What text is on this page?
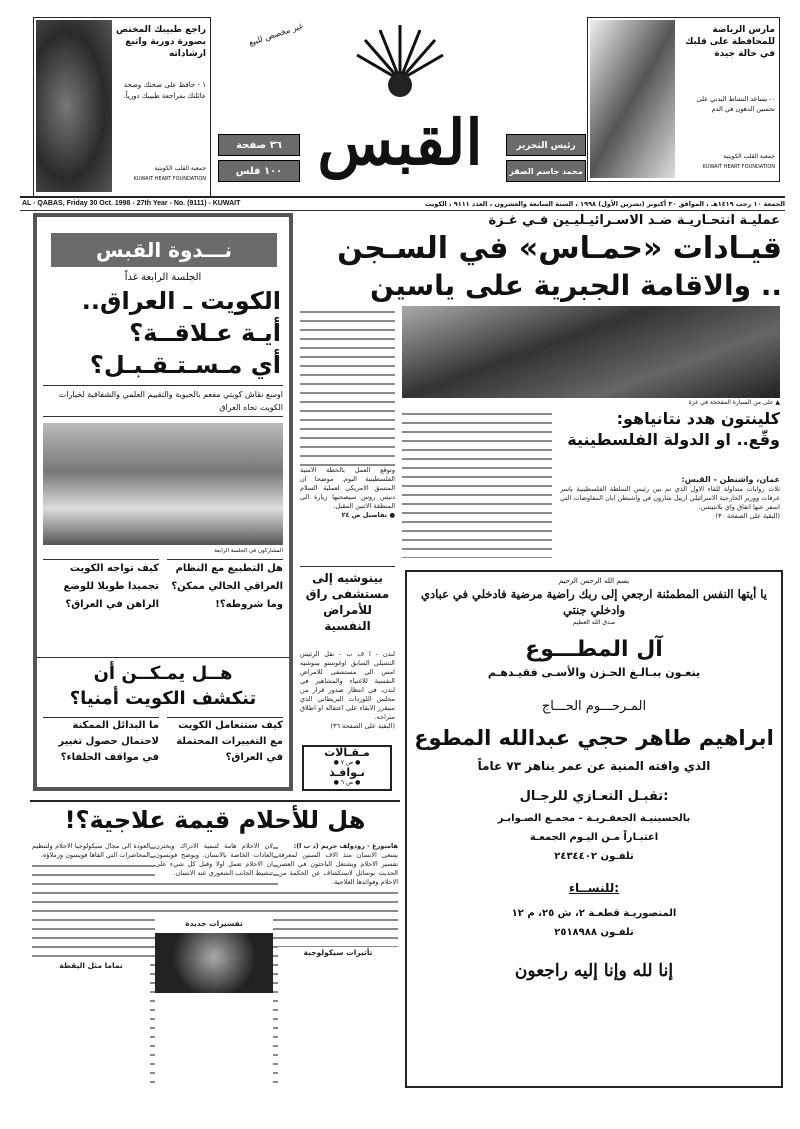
راجع طبيبك المختص بصورة دورية واتبع ارشاداته
١ - حافظ على صحتك وصحة عائلتك بمراجعة طبيبك دورياً.
جمعية القلب الكويتية
KUWAIT HEART FOUNDATION
غير مخصص للبيع
٣٦ صفحة
١٠٠ فلس القبس	رئيس التحرير
محمد جاسم الصقر
مارس الرياضة للمحافظة على قلبك في حالة جيدة
٠- يساعد النشاط البدني على تحسين الدهون في الدم
جمعية القلب الكويتية
KUWAIT HEART FOUNDATION
AL - QABAS, Friday 30 Oct. 1998 - 27th Year - No. (9111) - KUWAIT	الجمعة ١٠ رجب ١٤١٩هـ ، الموافق ٣٠ أكتوبر (تشرين الأول) ١٩٩٨ ، السنة السابعة والعشرون ، العدد ٩١١١ ، الكويت
عمليـة انتحـاريـة ضـد الاسـرائيـليـين فـي غـزة
قيـادات «حمـاس» في السـجن
.. والاقامة الجبرية على ياسين
وتوقع العمل بالخطة الامنية الفلسطينية اليوم. موضحا ان المنسق الامريكي لعملية السلام دنيس روس سيصحبها زيارة الى المنطقة الاثنين المقبل.
● تفاصيل ص ٢٤
▲ على من السيارة المفخخة في غزة
كلينتون هدد نتانياهو:
وقّع.. او الدولة الفلسطينية
عمان، واشنطن - القبس:
ثلاث روايات متداولة للقاء الاول الذي تم بين رئيس السلطة الفلسطينية ياسر عرفات ووزير الخارجية الاسرائيلي ارييل شارون في واشنطن ابان المفاوضات التي اسفر عنها اتفاق واي بلانتيشن.
(البقية على الصفحة ٣٠)
نـــدوة القبس
الجلسة الرابعة غداً
الكويت ـ العراق..
أيـة عـلاقــة؟
أي مـسـتـقـبـل؟
اوسع نقاش كويتي مفعم بالحيوية والتقييم العلمي والشفافية لخيارات الكويت تجاه العراق
المشاركون في الجلسة الرابعة
هل التطبيع مع النظام العراقي الحالي ممكن؟ وما شروطه؟!
كيف تواجه الكويت تجميدا طويلا للوضع الراهن في العراق؟
هــل يمـكــن أن
تنكشف الكويت أمنيا؟
كيف ستتعامل الكويت مع التغييرات المحتملة في العراق؟
ما البدائل الممكنة لاحتمال حصول تغيير في مواقف الحلفاء؟
بينوشيه إلى مستشفى راق للأمراض النفسية
لندن - ا ف ب - نقل الرئيس التشيلي السابق اوغوستو بينوشيه امس الى مستشفى للامراض النفسية للاغنياء والمشاهير في لندن، في انتظار صدور قرار من مجلس اللوردات البريطاني الذي سيقرر الابقاء على اعتقاله او اطلاق سراحه.
(البقية على الصفحة ٣٦)
مـقـالات
● ص ٧ ●
نـوافـذ
● ص ٦ ●
هل للأحلام قيمة علاجية؟!
هامبورغ - رودولف جريم (د ب ا):
يسعى الانسان منذ الاف السنين لمعرفة تفسير الاحلام ويشتغل الباحثون في العصر الحديث بوسائل لاستكشاف عن الحكمة من الاحلام وفوائدها العلاجية.
تأثيرات سيكولوجية
لان الاحلام هامة لتنمية الادراك ويختزن العادات الخاصة بالانسان. ويوضح فويسون ان الاحلام تعمل اولا وقبل كل شيء على تنشيط الجانب الشعوري عند الانسان.
تفسيرات جديدة
العودة الى مجال سيكولوجيا الاحلام ولتنظيم المحاضرات التي القاها فويسون وزملاؤه.
تماما مثل اليقظة
بسم الله الرحمن الرحيم
يا أيتها النفس المطمئنة ارجعي إلى ربك راضية مرضية فادخلي في عبادي وادخلي جنتي
صدق الله العظيم
آل المطـــوع
ينعـون ببـالـغ الحـزن والأسـى فقيـدهـم
المـرحـــوم الحـــاج
ابراهيم طاهر حجي عبدالله المطوع
الذي وافته المنية عن عمر يناهز ٧٣ عاماً
تقبـل التعـازي للرجـال:
بالحسينيـة الجعفـريـة - مجمـع الصـوابـر
اعتبـاراً مـن اليـوم الجمعـة
تلفـون ٢٤٣٤٤٠٢
للنســاء:
المنصوريـة قطعـة ٢، ش ٢٥، م ١٢
تلفـون ٢٥١٨٩٨٨
إنا لله وإنا إليه راجعون
